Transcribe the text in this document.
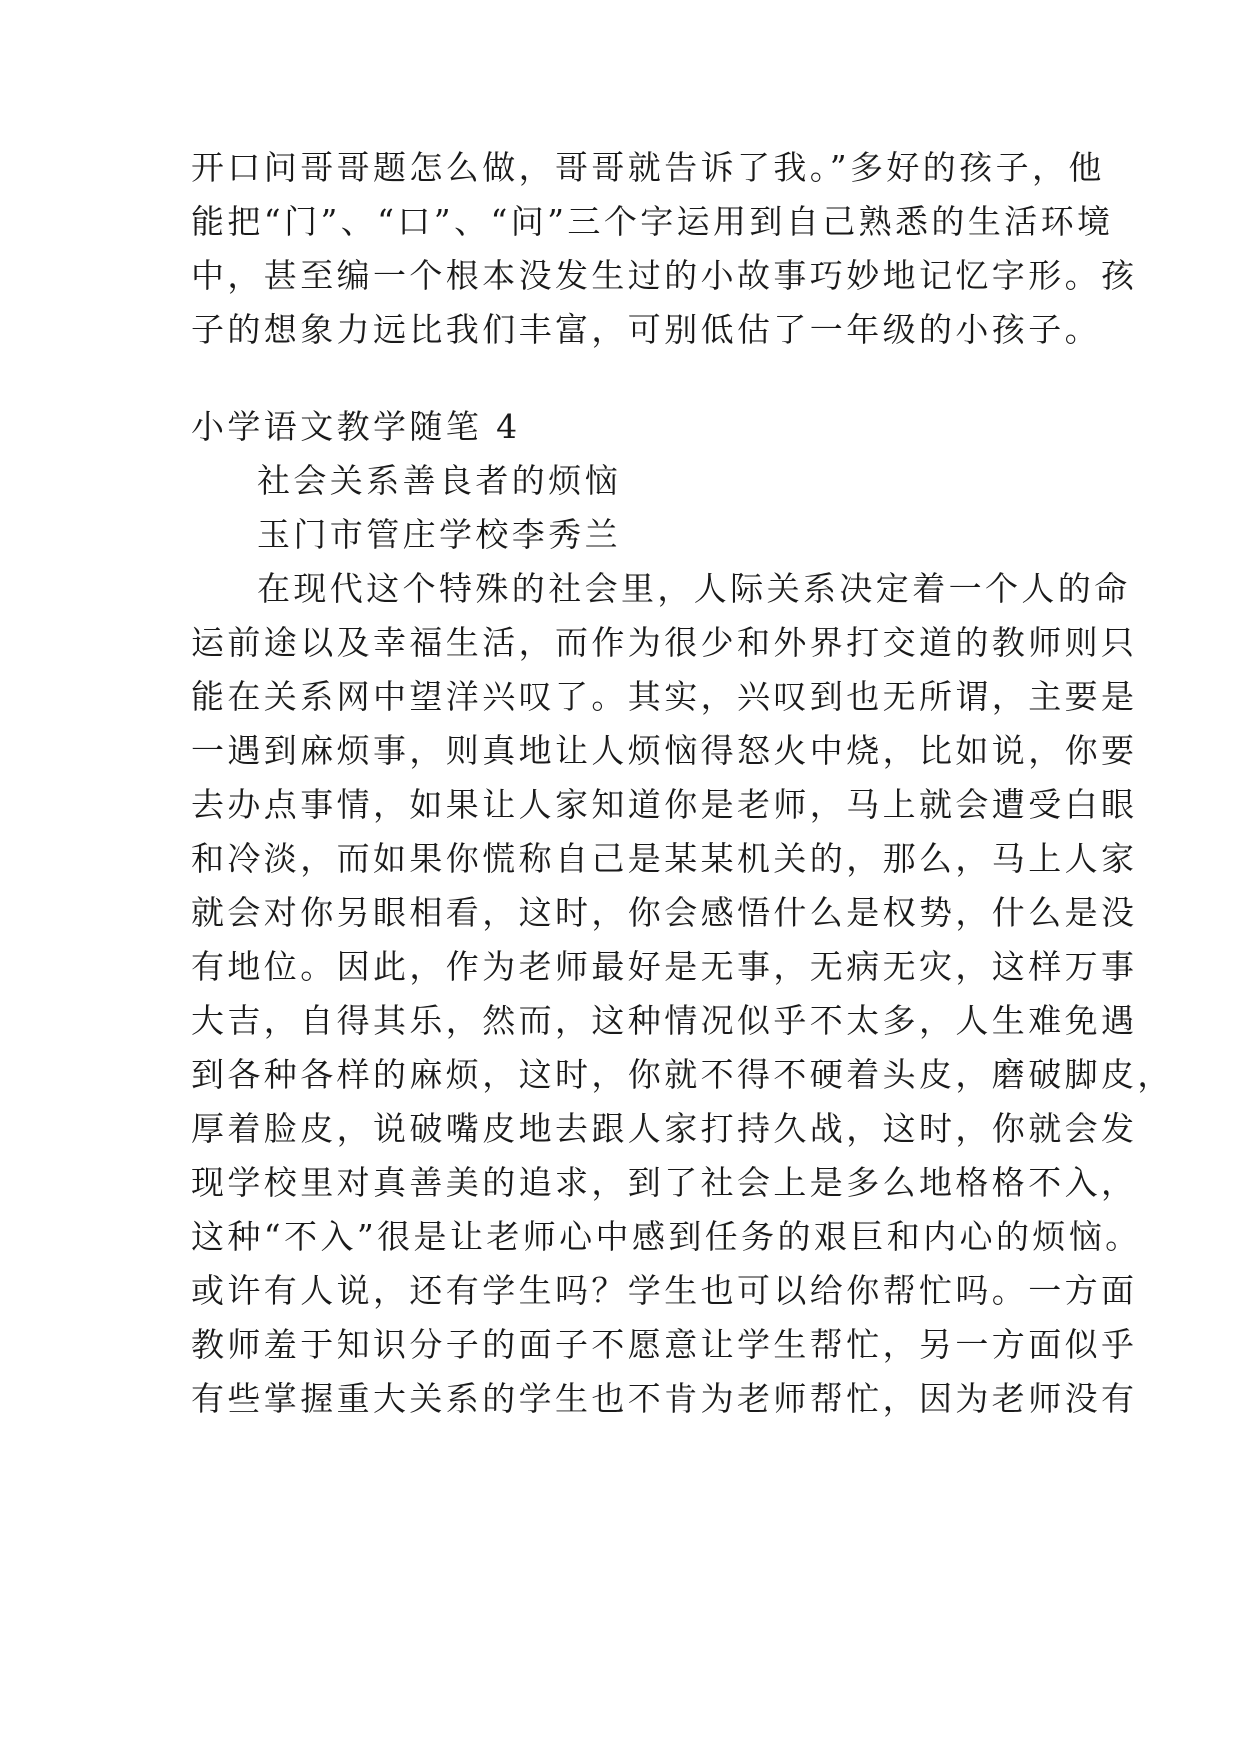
开口问哥哥题怎么做，哥哥就告诉了我。”多好的孩子，他
能把“门”、“口”、“问”三个字运用到自己熟悉的生活环境
中，甚至编一个根本没发生过的小故事巧妙地记忆字形。孩
子的想象力远比我们丰富，可别低估了一年级的小孩子。
小学语文教学随笔 4
社会关系善良者的烦恼
玉门市管庄学校李秀兰
在现代这个特殊的社会里，人际关系决定着一个人的命
运前途以及幸福生活，而作为很少和外界打交道的教师则只
能在关系网中望洋兴叹了。其实，兴叹到也无所谓，主要是
一遇到麻烦事，则真地让人烦恼得怒火中烧，比如说，你要
去办点事情，如果让人家知道你是老师，马上就会遭受白眼
和冷淡，而如果你慌称自己是某某机关的，那么，马上人家
就会对你另眼相看，这时，你会感悟什么是权势，什么是没
有地位。因此，作为老师最好是无事，无病无灾，这样万事
大吉，自得其乐，然而，这种情况似乎不太多，人生难免遇
到各种各样的麻烦，这时，你就不得不硬着头皮，磨破脚皮，
厚着脸皮，说破嘴皮地去跟人家打持久战，这时，你就会发
现学校里对真善美的追求，到了社会上是多么地格格不入，
这种“不入”很是让老师心中感到任务的艰巨和内心的烦恼。
或许有人说，还有学生吗？学生也可以给你帮忙吗。一方面
教师羞于知识分子的面子不愿意让学生帮忙，另一方面似乎
有些掌握重大关系的学生也不肯为老师帮忙，因为老师没有
